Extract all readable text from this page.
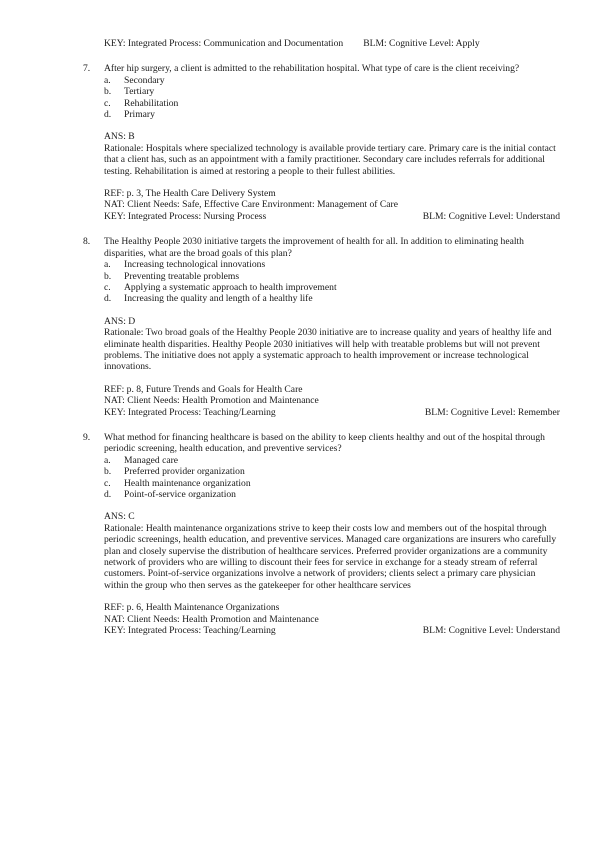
KEY: Integrated Process: Communication and Documentation BLM: Cognitive Level: Apply
7. After hip surgery, a client is admitted to the rehabilitation hospital. What type of care is the client receiving?

a.	Secondary
b.	Tertiary
c.	Rehabilitation
d.	Primary
ANS: B

Rationale: Hospitals where specialized technology is available provide tertiary care. Primary care is the initial contact that a client has, such as an appointment with a family practitioner. Secondary care includes referrals for additional testing. Rehabilitation is aimed at restoring a people to their fullest abilities.

REF: p. 3, The Health Care Delivery System
NAT: Client Needs: Safe, Effective Care Environment: Management of Care
KEY: Integrated Process: Nursing Process	BLM: Cognitive Level: Understand
8. The Healthy People 2030 initiative targets the improvement of health for all. In addition to eliminating health disparities, what are the broad goals of this plan?

a.	Increasing technological innovations
b.	Preventing treatable problems
c.	Applying a systematic approach to health improvement
d.	Increasing the quality and length of a healthy life
ANS: D

Rationale: Two broad goals of the Healthy People 2030 initiative are to increase quality and years of healthy life and eliminate health disparities. Healthy People 2030 initiatives will help with treatable problems but will not prevent problems. The initiative does not apply a systematic approach to health improvement or increase technological innovations.

REF: p. 8, Future Trends and Goals for Health Care
NAT: Client Needs: Health Promotion and Maintenance
KEY: Integrated Process: Teaching/Learning	BLM: Cognitive Level: Remember
9. What method for financing healthcare is based on the ability to keep clients healthy and out of the hospital through periodic screening, health education, and preventive services?

a.	Managed care
b.	Preferred provider organization
c.	Health maintenance organization
d.	Point-of-service organization
ANS: C

Rationale: Health maintenance organizations strive to keep their costs low and members out of the hospital through periodic screenings, health education, and preventive services. Managed care organizations are insurers who carefully plan and closely supervise the distribution of healthcare services. Preferred provider organizations are a community network of providers who are willing to discount their fees for service in exchange for a steady stream of referral customers. Point-of-service organizations involve a network of providers; clients select a primary care physician within the group who then serves as the gatekeeper for other healthcare services

REF: p. 6, Health Maintenance Organizations
NAT: Client Needs: Health Promotion and Maintenance
KEY: Integrated Process: Teaching/Learning	BLM: Cognitive Level: Understand
